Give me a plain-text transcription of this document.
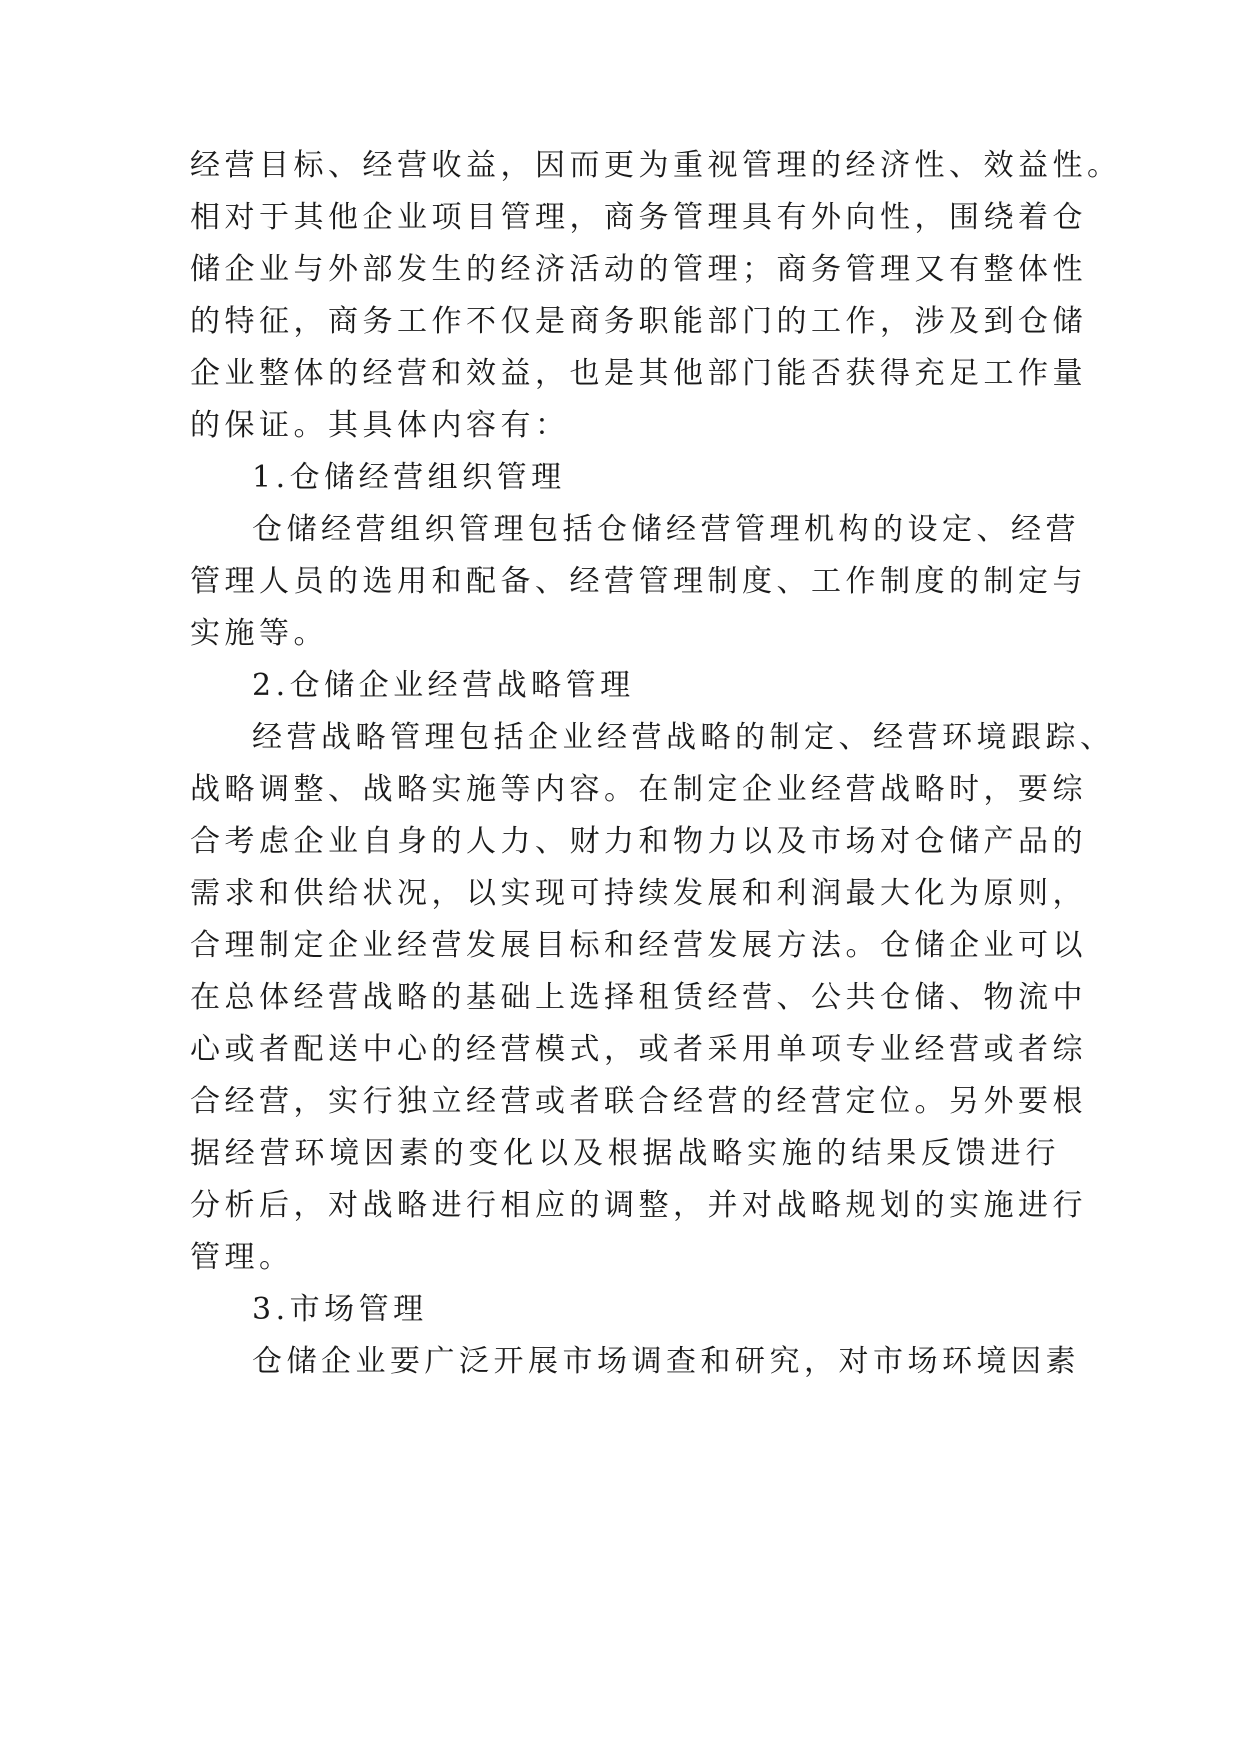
经营目标、经营收益，因而更为重视管理的经济性、效益性。
相对于其他企业项目管理，商务管理具有外向性，围绕着仓
储企业与外部发生的经济活动的管理；商务管理又有整体性
的特征，商务工作不仅是商务职能部门的工作，涉及到仓储
企业整体的经营和效益，也是其他部门能否获得充足工作量
的保证。其具体内容有：
1.仓储经营组织管理
仓储经营组织管理包括仓储经营管理机构的设定、经营
管理人员的选用和配备、经营管理制度、工作制度的制定与
实施等。
2.仓储企业经营战略管理
经营战略管理包括企业经营战略的制定、经营环境跟踪、
战略调整、战略实施等内容。在制定企业经营战略时，要综
合考虑企业自身的人力、财力和物力以及市场对仓储产品的
需求和供给状况，以实现可持续发展和利润最大化为原则，
合理制定企业经营发展目标和经营发展方法。仓储企业可以
在总体经营战略的基础上选择租赁经营、公共仓储、物流中
心或者配送中心的经营模式，或者采用单项专业经营或者综
合经营，实行独立经营或者联合经营的经营定位。另外要根
据经营环境因素的变化以及根据战略实施的结果反馈进行
分析后，对战略进行相应的调整，并对战略规划的实施进行
管理。
3.市场管理
仓储企业要广泛开展市场调查和研究，对市场环境因素
